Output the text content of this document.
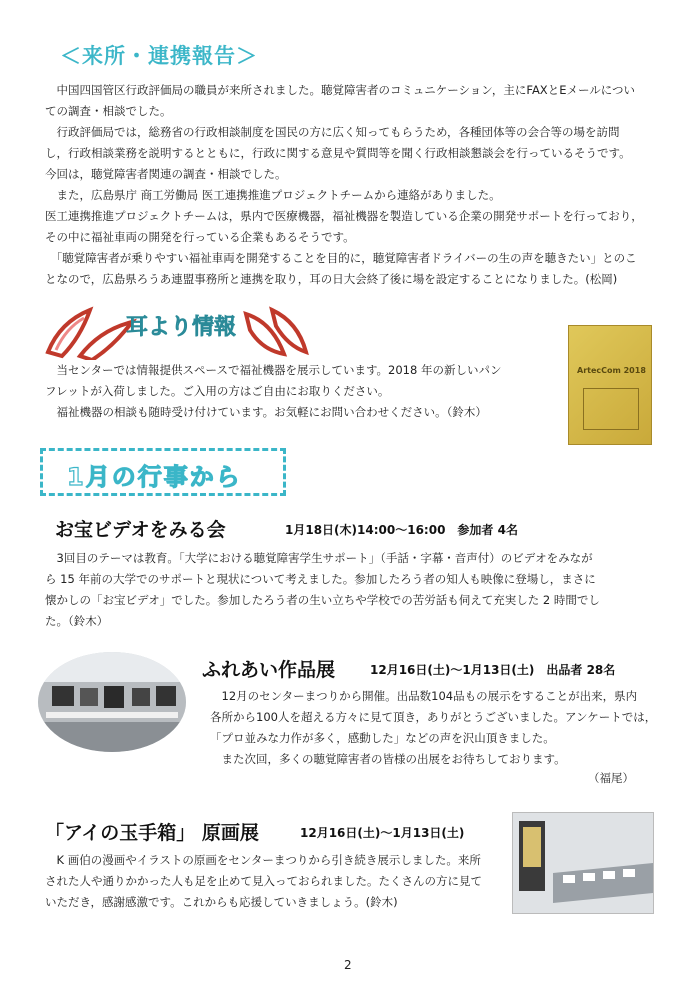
＜来所・連携報告＞

　中国四国管区行政評価局の職員が来所されました。聴覚障害者のコミュニケーション，主にFAXとEメールについ

ての調査・相談でした。

　行政評価局では，総務省の行政相談制度を国民の方に広く知ってもらうため，各種団体等の会合等の場を訪問

し，行政相談業務を説明するとともに，行政に関する意見や質問等を聞く行政相談懇談会を行っているそうです。

今回は，聴覚障害者関連の調査・相談でした。

　また，広島県庁 商工労働局 医工連携推進プロジェクトチームから連絡がありました。

医工連携推進プロジェクトチームは，県内で医療機器，福祉機器を製造している企業の開発サポートを行っており，

その中に福祉車両の開発を行っている企業もあるそうです。

　「聴覚障害者が乗りやすい福祉車両を開発することを目的に，聴覚障害者ドライバーの生の声を聴きたい」とのこ

となので，広島県ろうあ連盟事務所と連携を取り，耳の日大会終了後に場を設定することになりました。(松岡)

耳より情報

　当センターでは情報提供スペースで福祉機器を展示しています。2018 年の新しいパン

フレットが入荷しました。ご入用の方はご自由にお取りください。

　福祉機器の相談も随時受け付けています。お気軽にお問い合わせください。（鈴木）

ArtecCom 2018
1月の行事から
お宝ビデオをみる会	1月18日(木)14:00～16:00　参加者 4名

　3回目のテーマは教育。「大学における聴覚障害学生サポート」（手話・字幕・音声付）のビデオをみなが

ら 15 年前の大学でのサポートと現状について考えました。参加したろう者の知人も映像に登場し，まさに

懐かしの「お宝ビデオ」でした。参加したろう者の生い立ちや学校での苦労話も伺えて充実した 2 時間でし

た。（鈴木）

ふれあい作品展	12月16日(土)～1月13日(土)　出品者 28名

　12月のセンターまつりから開催。出品数104品もの展示をすることが出来，県内

各所から100人を超える方々に見て頂き，ありがとうございました。アンケートでは，

「プロ並みな力作が多く，感動した」などの声を沢山頂きました。

　また次回，多くの聴覚障害者の皆様の出展をお待ちしております。

（福尾）
「アイの玉手箱」 原画展	12月16日(土)～1月13日(土)

　K 画伯の漫画やイラストの原画をセンターまつりから引き続き展示しました。来所

された人や通りかかった人も足を止めて見入っておられました。たくさんの方に見て

いただき，感謝感激です。これからも応援していきましょう。(鈴木)

2
